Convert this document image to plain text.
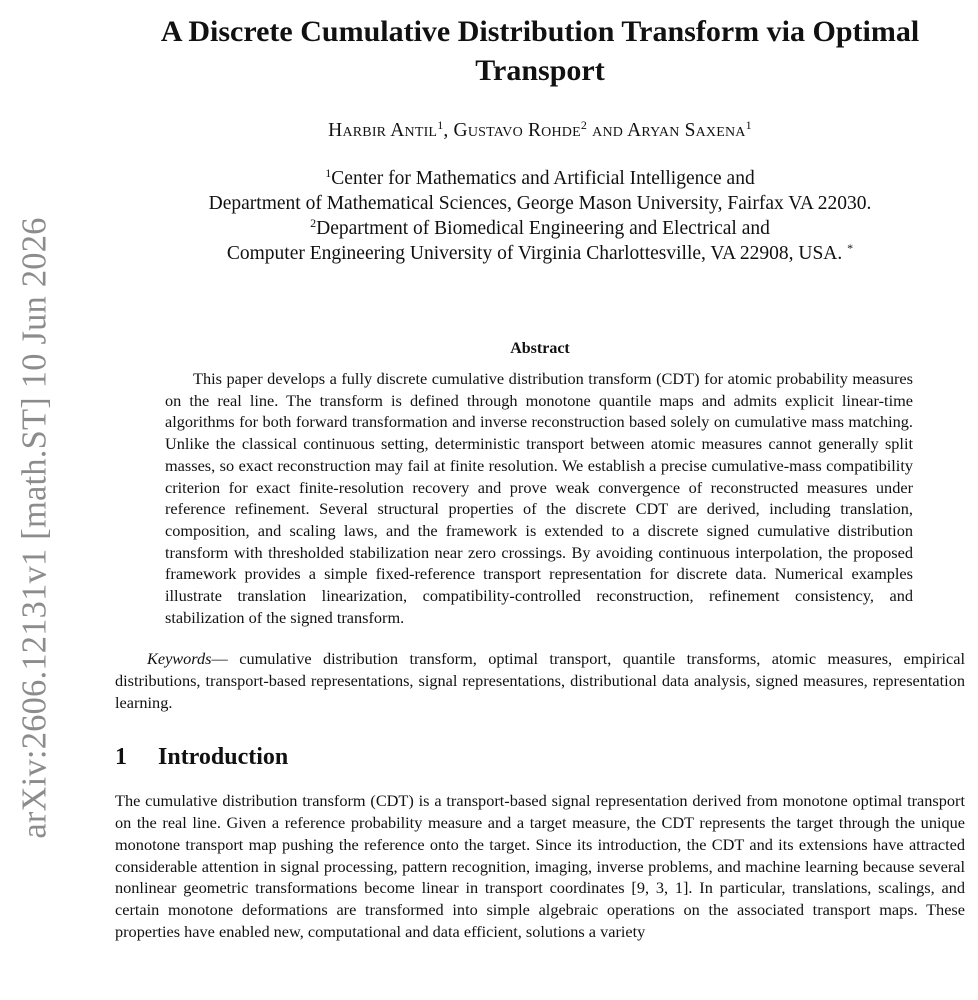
arXiv:2606.12131v1 [math.ST] 10 Jun 2026
A Discrete Cumulative Distribution Transform via Optimal Transport
Harbir Antil$^1$, Gustavo Rohde$^2$ and Aryan Saxena$^1$
$^1$Center for Mathematics and Artificial Intelligence and
Department of Mathematical Sciences, George Mason University, Fairfax VA 22030.
$^2$Department of Biomedical Engineering and Electrical and
Computer Engineering University of Virginia Charlottesville, VA 22908, USA. *
Abstract

This paper develops a fully discrete cumulative distribution transform (CDT) for atomic probability measures on the real line. The transform is defined through monotone quantile maps and admits explicit linear-time algorithms for both forward transformation and inverse reconstruction based solely on cumulative mass matching. Unlike the classical continuous setting, deterministic transport between atomic measures cannot generally split masses, so exact reconstruction may fail at finite resolution. We establish a precise cumulative-mass compatibility criterion for exact finite-resolution recovery and prove weak convergence of reconstructed measures under reference refinement. Several structural properties of the discrete CDT are derived, including translation, composition, and scaling laws, and the framework is extended to a discrete signed cumulative distribution transform with thresholded stabilization near zero crossings. By avoiding continuous interpolation, the proposed framework provides a simple fixed-reference transport representation for discrete data. Numerical examples illustrate translation linearization, compatibility-controlled reconstruction, refinement consistency, and stabilization of the signed transform.

Keywords— cumulative distribution transform, optimal transport, quantile transforms, atomic measures, empirical distributions, transport-based representations, signal representations, distributional data analysis, signed measures, representation learning.

1 Introduction

The cumulative distribution transform (CDT) is a transport-based signal representation derived from monotone optimal transport on the real line. Given a reference probability measure and a target measure, the CDT represents the target through the unique monotone transport map pushing the reference onto the target. Since its introduction, the CDT and its extensions have attracted considerable attention in signal processing, pattern recognition, imaging, inverse problems, and machine learning because several nonlinear geometric transformations become linear in transport coordinates [9, 3, 1]. In particular, translations, scalings, and certain monotone deformations are transformed into simple algebraic operations on the associated transport maps. These properties have enabled new, computational and data efficient, solutions a variety
